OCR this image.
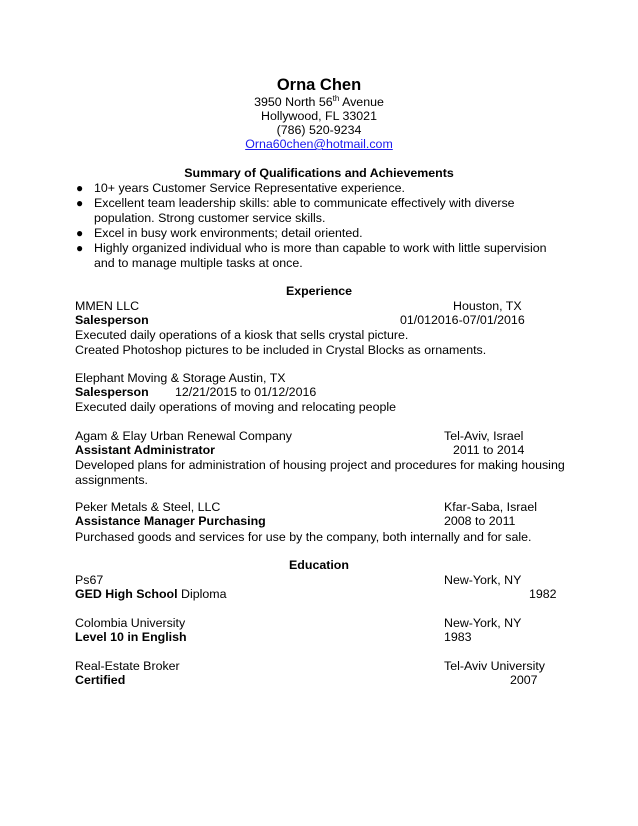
Orna Chen
3950 North 56th Avenue
Hollywood, FL 33021
(786) 520-9234
Orna60chen@hotmail.com
Summary of Qualifications and Achievements
● 10+ years Customer Service Representative experience.
● Excellent team leadership skills: able to communicate effectively with diverse
population. Strong customer service skills.
● Excel in busy work environments; detail oriented.
● Highly organized individual who is more than capable to work with little supervision
and to manage multiple tasks at once.
Experience
MMEN LLC	Houston, TX
Salesperson	01/012016-07/01/2016
Executed daily operations of a kiosk that sells crystal picture.
Created Photoshop pictures to be included in Crystal Blocks as ornaments.
Elephant Moving & Storage Austin, TX
Salesperson 12/21/2015 to 01/12/2016
Executed daily operations of moving and relocating people
Agam & Elay Urban Renewal Company	Tel-Aviv, Israel
Assistant Administrator	2011 to 2014
Developed plans for administration of housing project and procedures for making housing
assignments.
Peker Metals & Steel, LLC	Kfar-Saba, Israel
Assistance Manager Purchasing	2008 to 2011
Purchased goods and services for use by the company, both internally and for sale.
Education
Ps67	New-York, NY
GED High School Diploma	1982
Colombia University	New-York, NY
Level 10 in English	1983
Real-Estate Broker	Tel-Aviv University
Certified	2007
